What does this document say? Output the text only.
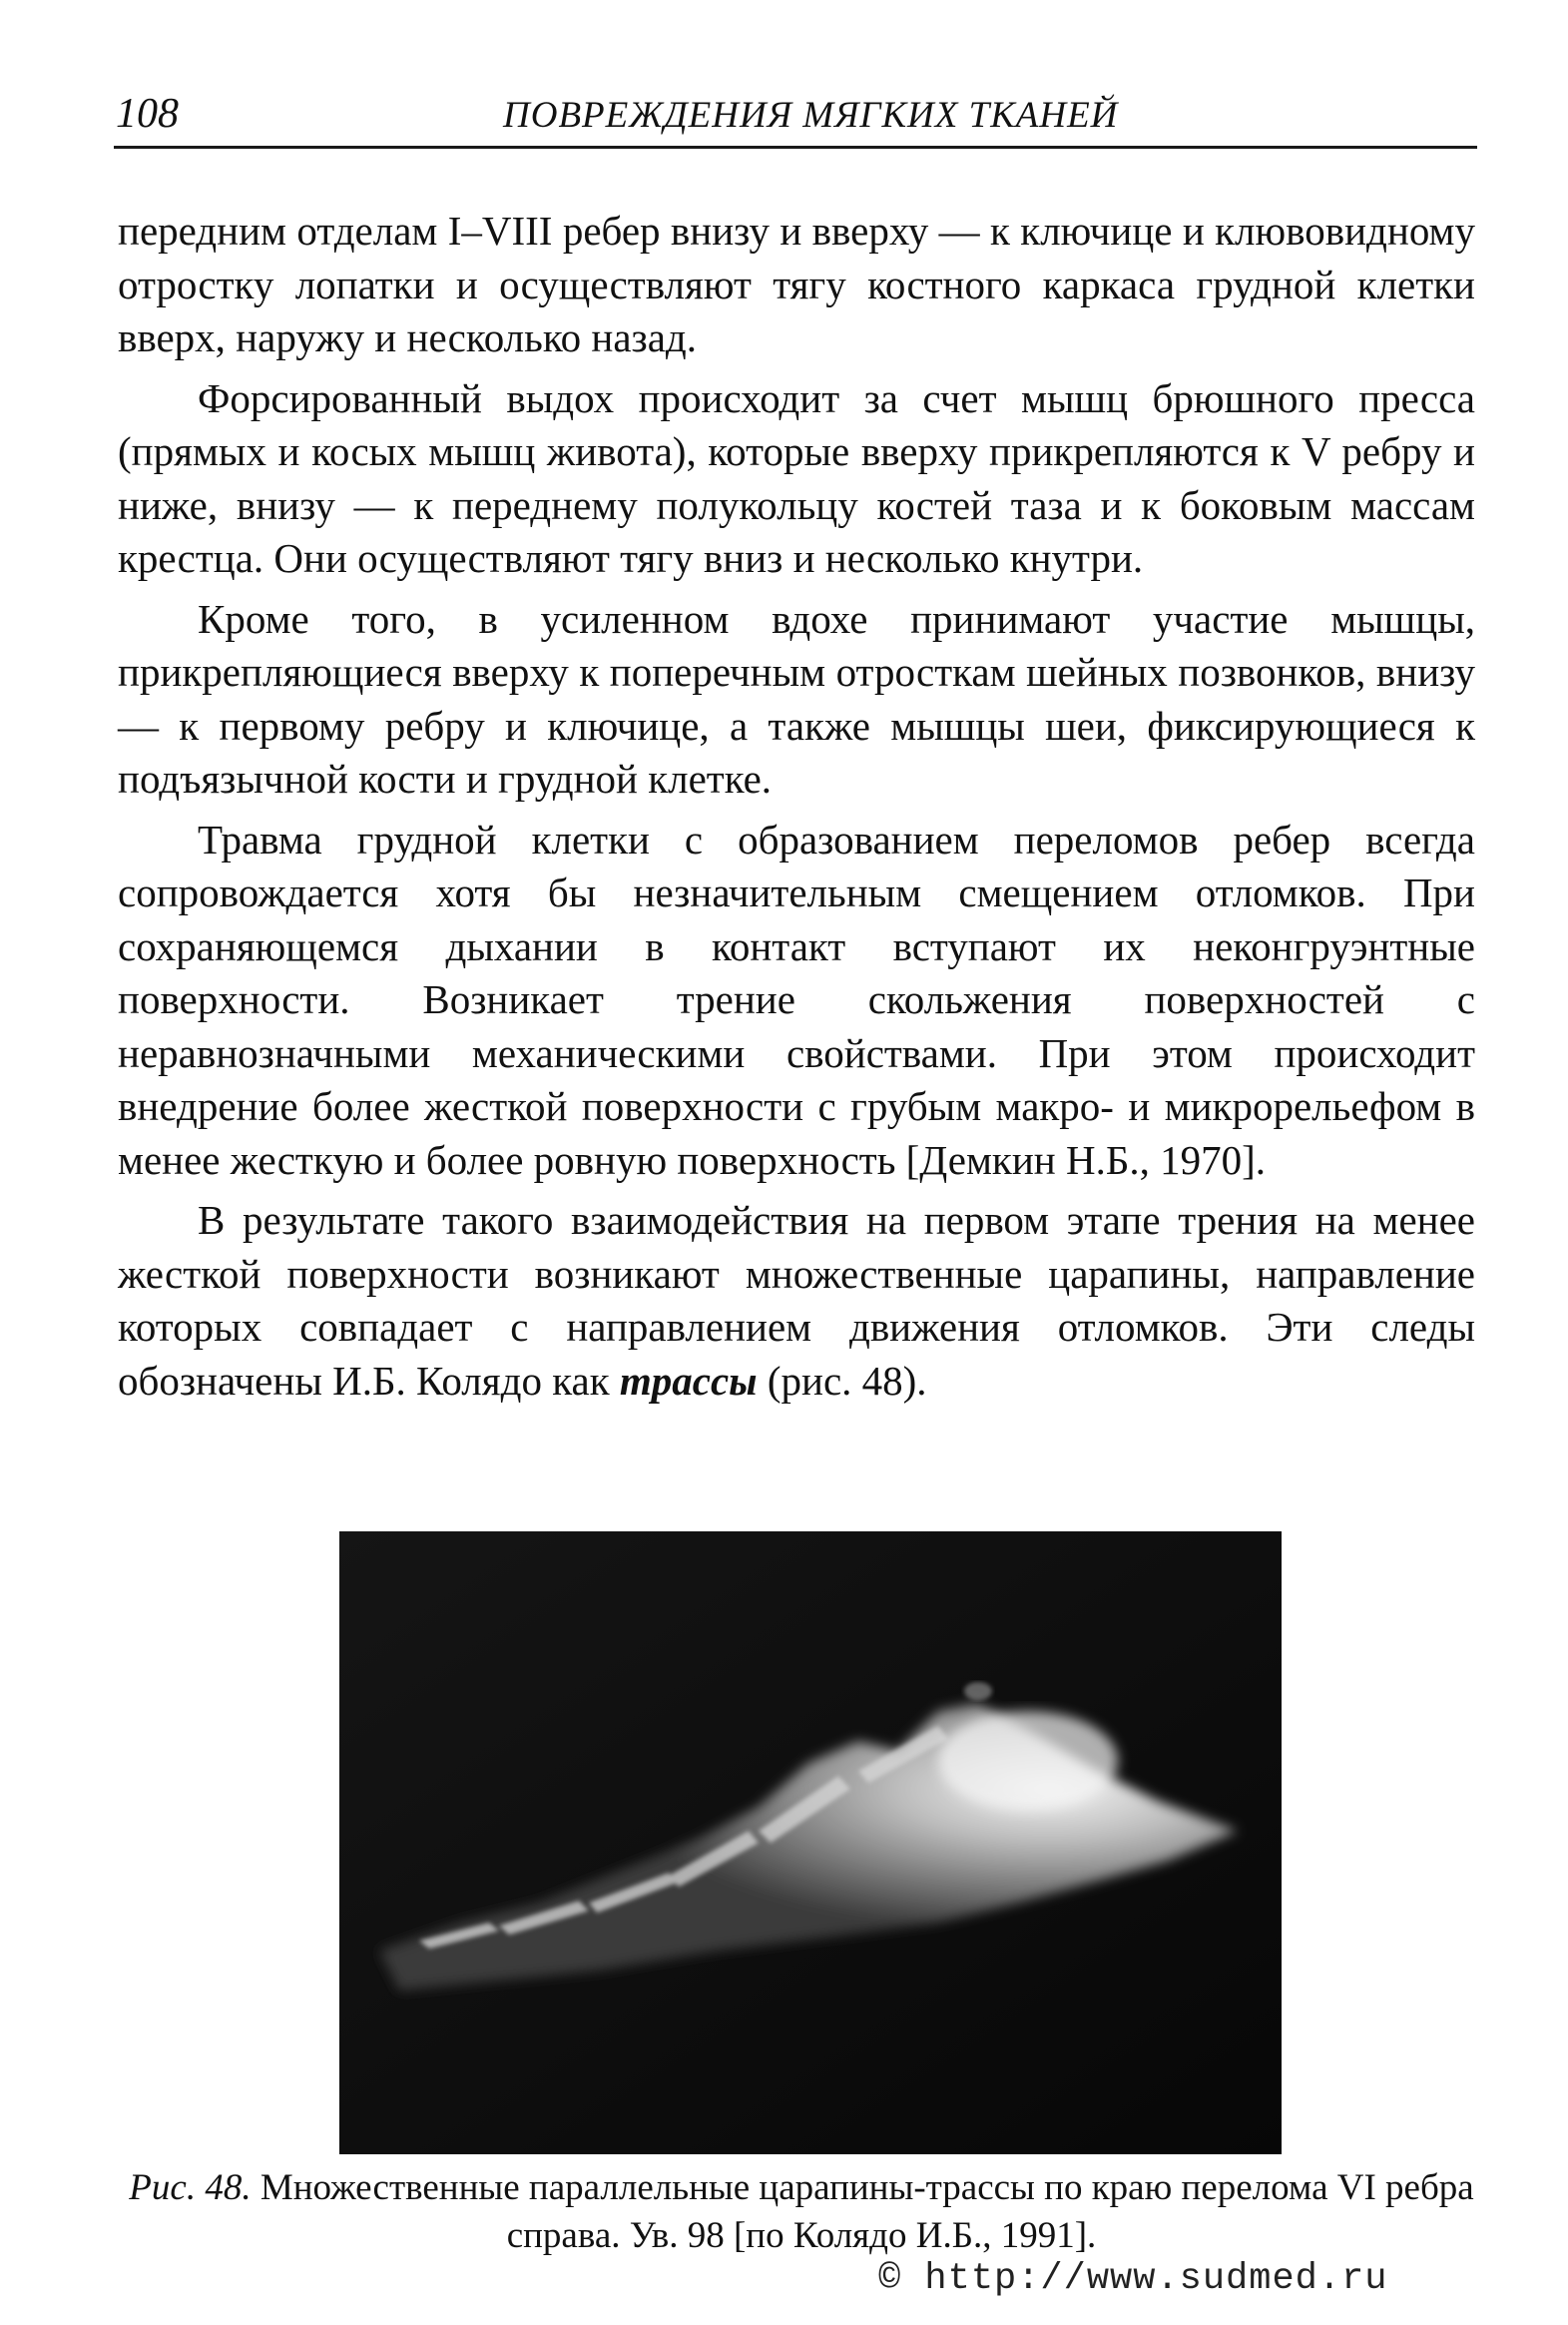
108	ПОВРЕЖДЕНИЯ МЯГКИХ ТКАНЕЙ

передним отделам I–VIII ребер внизу и вверху — к ключице и клювовидному отростку лопатки и осуществляют тягу костного каркаса грудной клетки вверх, наружу и несколько назад.

Форсированный выдох происходит за счет мышц брюшного пресса (прямых и косых мышц живота), которые вверху прикрепляются к V ребру и ниже, внизу — к переднему полукольцу костей таза и к боковым массам крестца. Они осуществляют тягу вниз и несколько кнутри.

Кроме того, в усиленном вдохе принимают участие мышцы, прикрепляющиеся вверху к поперечным отросткам шейных позвонков, внизу — к первому ребру и ключице, а также мышцы шеи, фиксирующиеся к подъязычной кости и грудной клетке.

Травма грудной клетки с образованием переломов ребер всегда сопровождается хотя бы незначительным смещением отломков. При сохраняющемся дыхании в контакт вступают их неконгруэнтные поверхности. Возникает трение скольжения поверхностей с неравнозначными механическими свойствами. При этом происходит внедрение более жесткой поверхности с грубым макро- и микрорельефом в менее жесткую и более ровную поверхность [Демкин Н.Б., 1970].

В результате такого взаимодействия на первом этапе трения на менее жесткой поверхности возникают множественные царапины, направление которых совпадает с направлением движения отломков. Эти следы обозначены И.Б. Колядо как трассы (рис. 48).

Рис. 48. Множественные параллельные царапины-трассы по краю перелома VI ребра справа. Ув. 98 [по Колядо И.Б., 1991].
© http://www.sudmed.ru
